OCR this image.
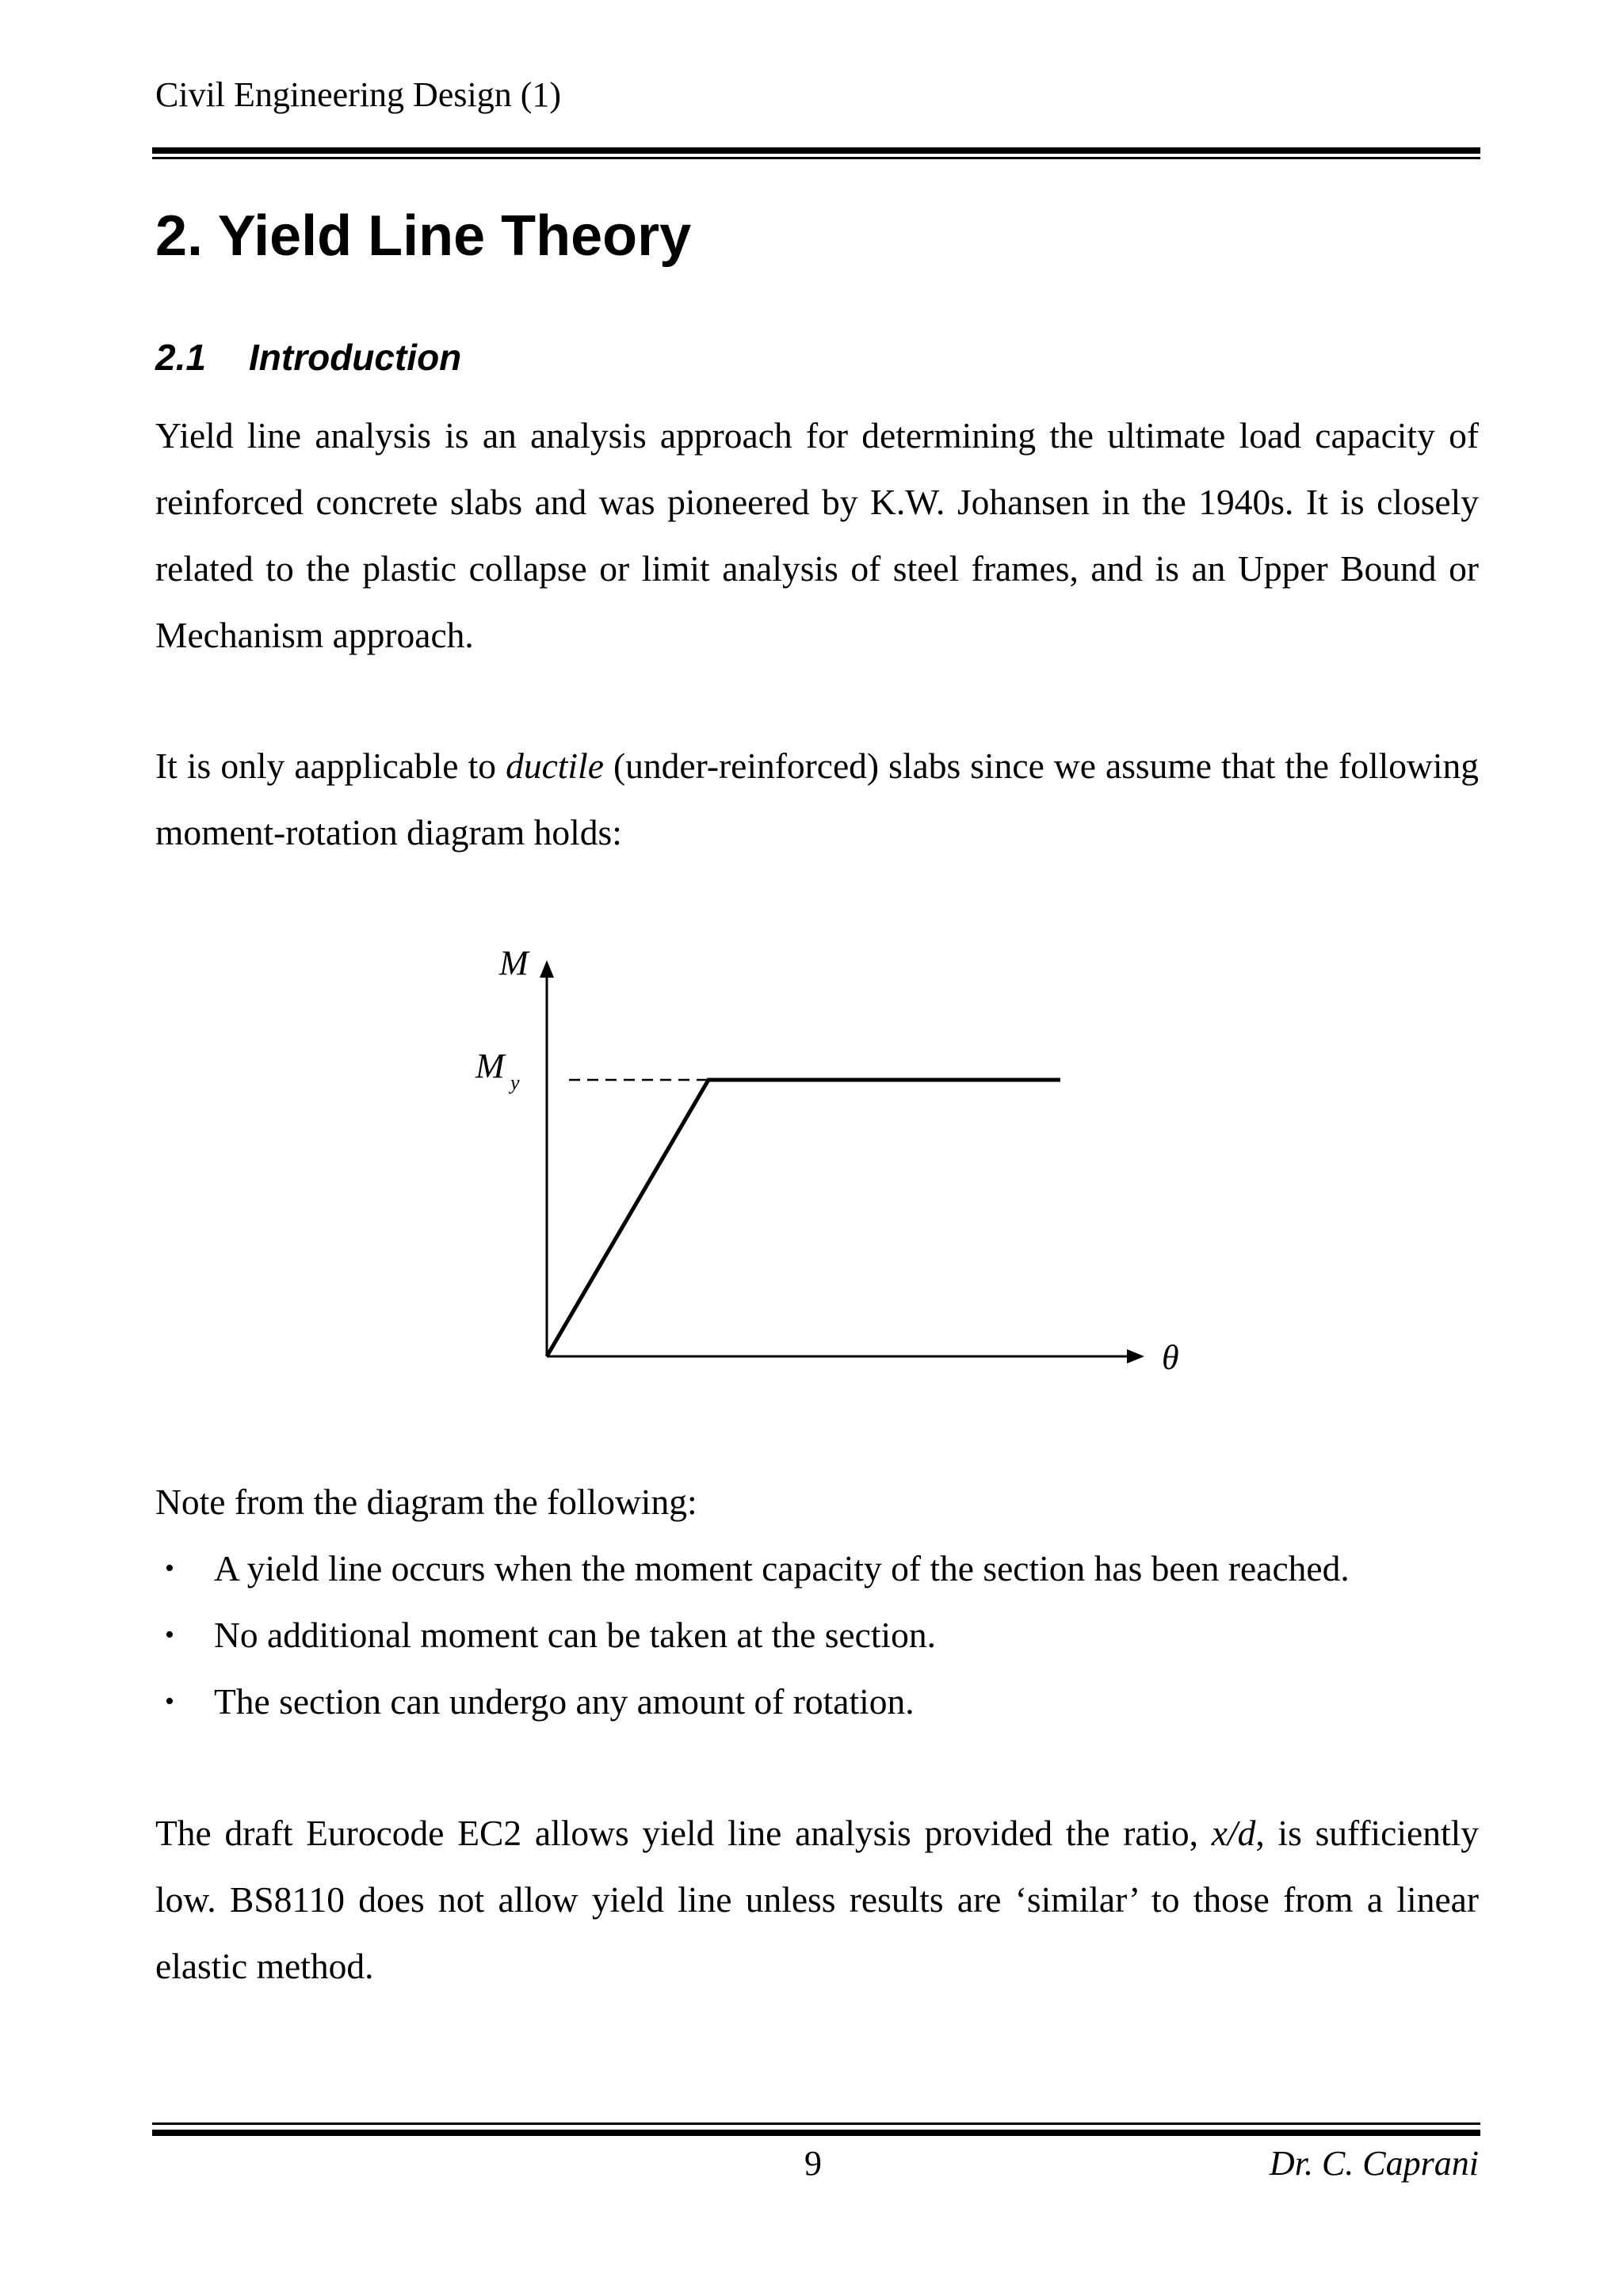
Civil Engineering Design (1)
2. Yield Line Theory
2.1 Introduction

Yield line analysis is an analysis approach for determining the ultimate load capacity of reinforced concrete slabs and was pioneered by K.W. Johansen in the 1940s. It is closely related to the plastic collapse or limit analysis of steel frames, and is an Upper Bound or Mechanism approach.

It is only aapplicable to ductile (under-reinforced) slabs since we assume that the following moment-rotation diagram holds:

M
M y
θ

Note from the diagram the following:

• A yield line occurs when the moment capacity of the section has been reached.
• No additional moment can be taken at the section.
• The section can undergo any amount of rotation.

The draft Eurocode EC2 allows yield line analysis provided the ratio, x/d, is sufficiently low. BS8110 does not allow yield line unless results are ‘similar’ to those from a linear elastic method.

9	Dr. C. Caprani
